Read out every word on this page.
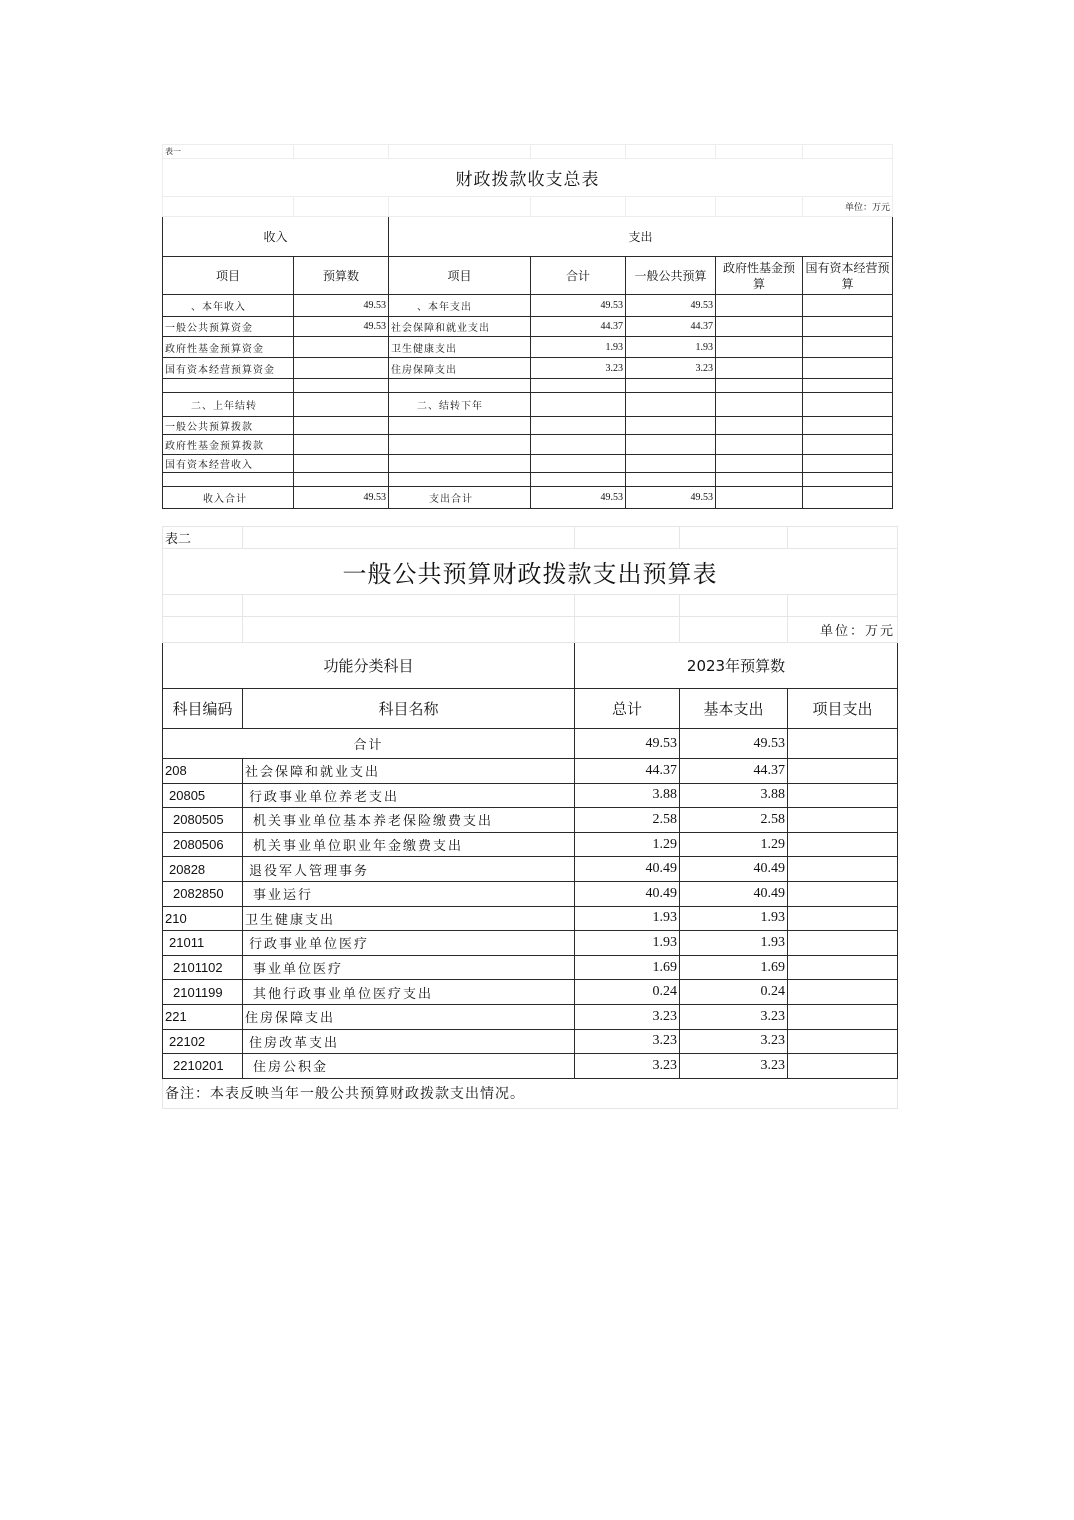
表一						
财政拨款收支总表						
						单位：万元
收入		支出				
项目	预算数	项目	合计	一般公共预算	政府性基金预算	国有资本经营预算
、本年收入	49.53	、本年支出	49.53	49.53		
一般公共预算资金	49.53	社会保障和就业支出	44.37	44.37		
政府性基金预算资金		卫生健康支出	1.93	1.93		
国有资本经营预算资金		住房保障支出	3.23	3.23		

二、上年结转		二、结转下年				
一般公共预算拨款						
政府性基金预算拨款						
国有资本经营收入						

收入合计	49.53	支出合计	49.53	49.53		
表二				
一般公共预算财政拨款支出预算表				

				单位：万元
功能分类科目		2023年预算数		
科目编码	科目名称	总计	基本支出	项目支出
合计		49.53	49.53	
208	社会保障和就业支出	44.37	44.37	
20805	行政事业单位养老支出	3.88	3.88	
2080505	机关事业单位基本养老保险缴费支出	2.58	2.58	
2080506	机关事业单位职业年金缴费支出	1.29	1.29	
20828	退役军人管理事务	40.49	40.49	
2082850	事业运行	40.49	40.49	
210	卫生健康支出	1.93	1.93	
21011	行政事业单位医疗	1.93	1.93	
2101102	事业单位医疗	1.69	1.69	
2101199	其他行政事业单位医疗支出	0.24	0.24	
221	住房保障支出	3.23	3.23	
22102	住房改革支出	3.23	3.23	
2210201	住房公积金	3.23	3.23	
备注：本表反映当年一般公共预算财政拨款支出情况。				
